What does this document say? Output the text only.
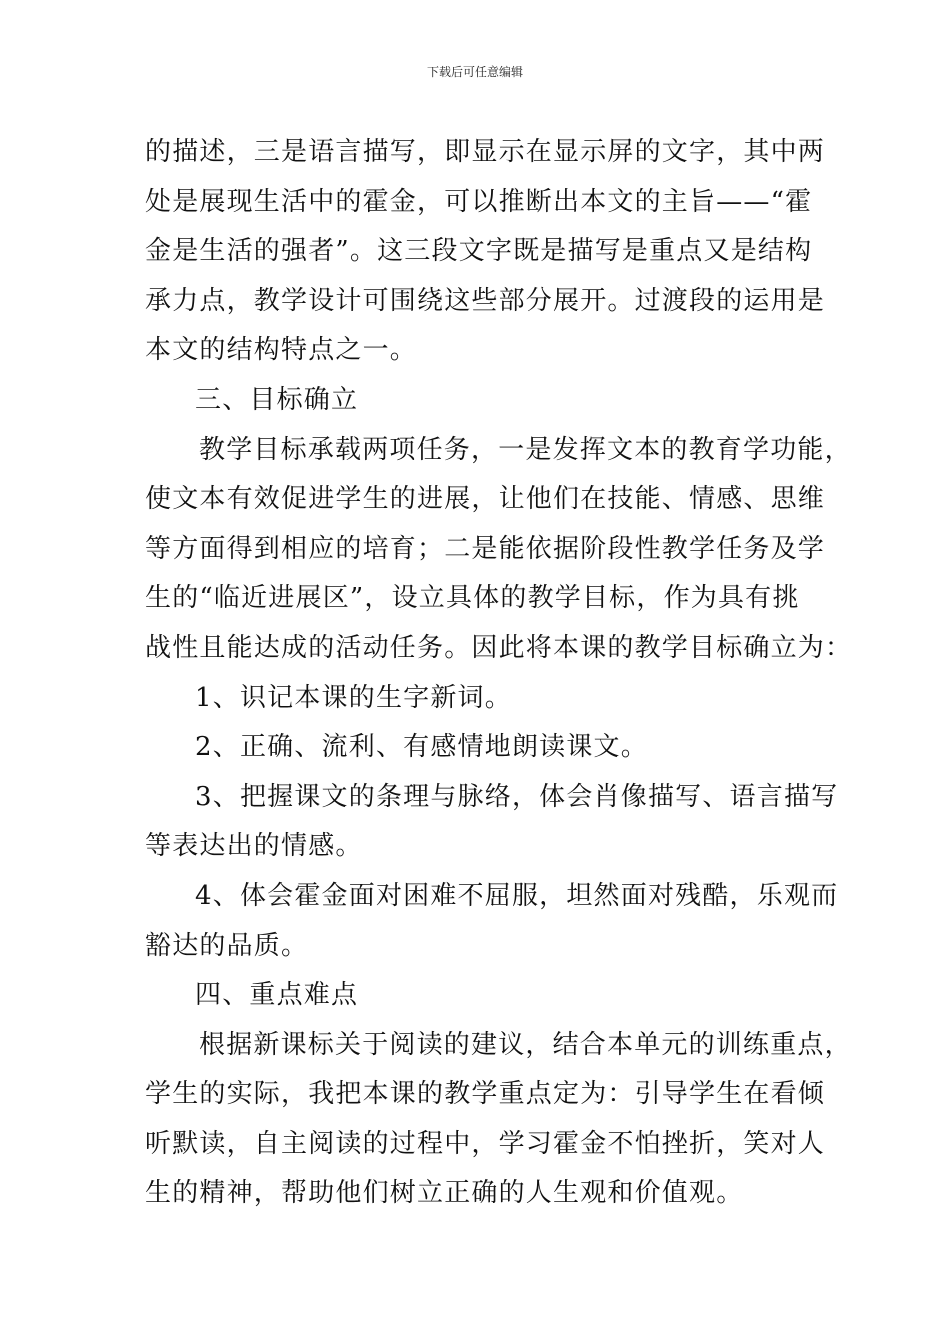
下载后可任意编辑
的描述，三是语言描写，即显示在显示屏的文字，其中两
处是展现生活中的霍金，可以推断出本文的主旨——“霍
金是生活的强者”。这三段文字既是描写是重点又是结构
承力点，教学设计可围绕这些部分展开。过渡段的运用是
本文的结构特点之一。
三、目标确立
教学目标承载两项任务，一是发挥文本的教育学功能，
使文本有效促进学生的进展，让他们在技能、情感、思维
等方面得到相应的培育；二是能依据阶段性教学任务及学
生的“临近进展区”，设立具体的教学目标，作为具有挑
战性且能达成的活动任务。因此将本课的教学目标确立为：
1、识记本课的生字新词。
2、正确、流利、有感情地朗读课文。
3、把握课文的条理与脉络，体会肖像描写、语言描写
等表达出的情感。
4、体会霍金面对困难不屈服，坦然面对残酷，乐观而
豁达的品质。
四、重点难点
根据新课标关于阅读的建议，结合本单元的训练重点，
学生的实际，我把本课的教学重点定为：引导学生在看倾
听默读，自主阅读的过程中，学习霍金不怕挫折，笑对人
生的精神，帮助他们树立正确的人生观和价值观。
